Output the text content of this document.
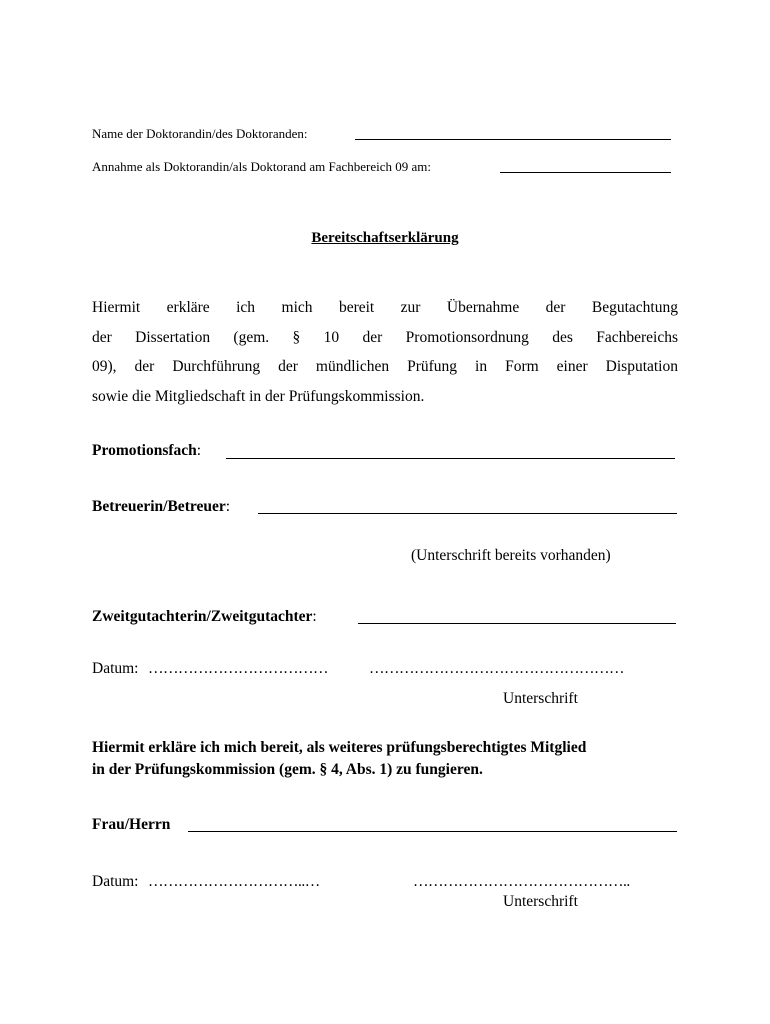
Name der Doktorandin/des Doktoranden:
Annahme als Doktorandin/als Doktorand am Fachbereich 09 am:
Bereitschaftserklärung
Hiermit erkläre ich mich bereit zur Übernahme der Begutachtung
der Dissertation (gem. § 10 der Promotionsordnung des Fachbereichs
09), der Durchführung der mündlichen Prüfung in Form einer Disputation
sowie die Mitgliedschaft in der Prüfungskommission.
Promotionsfach:
Betreuerin/Betreuer:
(Unterschrift bereits vorhanden)
Zweitgutachterin/Zweitgutachter:
Datum: ………………………………	……………………………………………
Unterschrift
Hiermit erkläre ich mich bereit, als weiteres prüfungsberechtigtes Mitglied
in der Prüfungskommission (gem. § 4, Abs. 1) zu fungieren.
Frau/Herrn
Datum: …………………………..…	……………………………………..
Unterschrift
